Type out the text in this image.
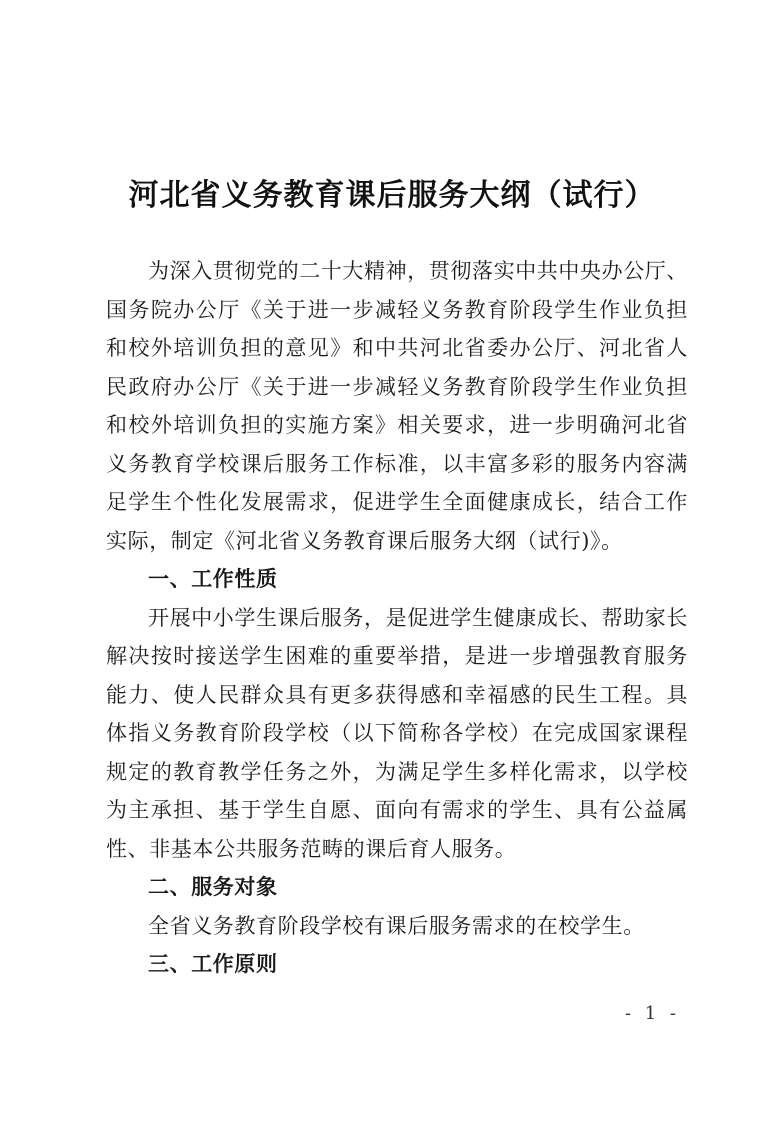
河北省义务教育课后服务大纲（试行）

为深入贯彻党的二十大精神，贯彻落实中共中央办公厅、国务院办公厅《关于进一步减轻义务教育阶段学生作业负担和校外培训负担的意见》和中共河北省委办公厅、河北省人民政府办公厅《关于进一步减轻义务教育阶段学生作业负担和校外培训负担的实施方案》相关要求，进一步明确河北省义务教育学校课后服务工作标准，以丰富多彩的服务内容满足学生个性化发展需求，促进学生全面健康成长，结合工作实际，制定《河北省义务教育课后服务大纲（试行)》。

一、工作性质

开展中小学生课后服务，是促进学生健康成长、帮助家长解决按时接送学生困难的重要举措，是进一步增强教育服务能力、使人民群众具有更多获得感和幸福感的民生工程。具体指义务教育阶段学校（以下简称各学校）在完成国家课程规定的教育教学任务之外，为满足学生多样化需求，以学校为主承担、基于学生自愿、面向有需求的学生、具有公益属性、非基本公共服务范畴的课后育人服务。

二、服务对象

全省义务教育阶段学校有课后服务需求的在校学生。

三、工作原则
- 1 -
